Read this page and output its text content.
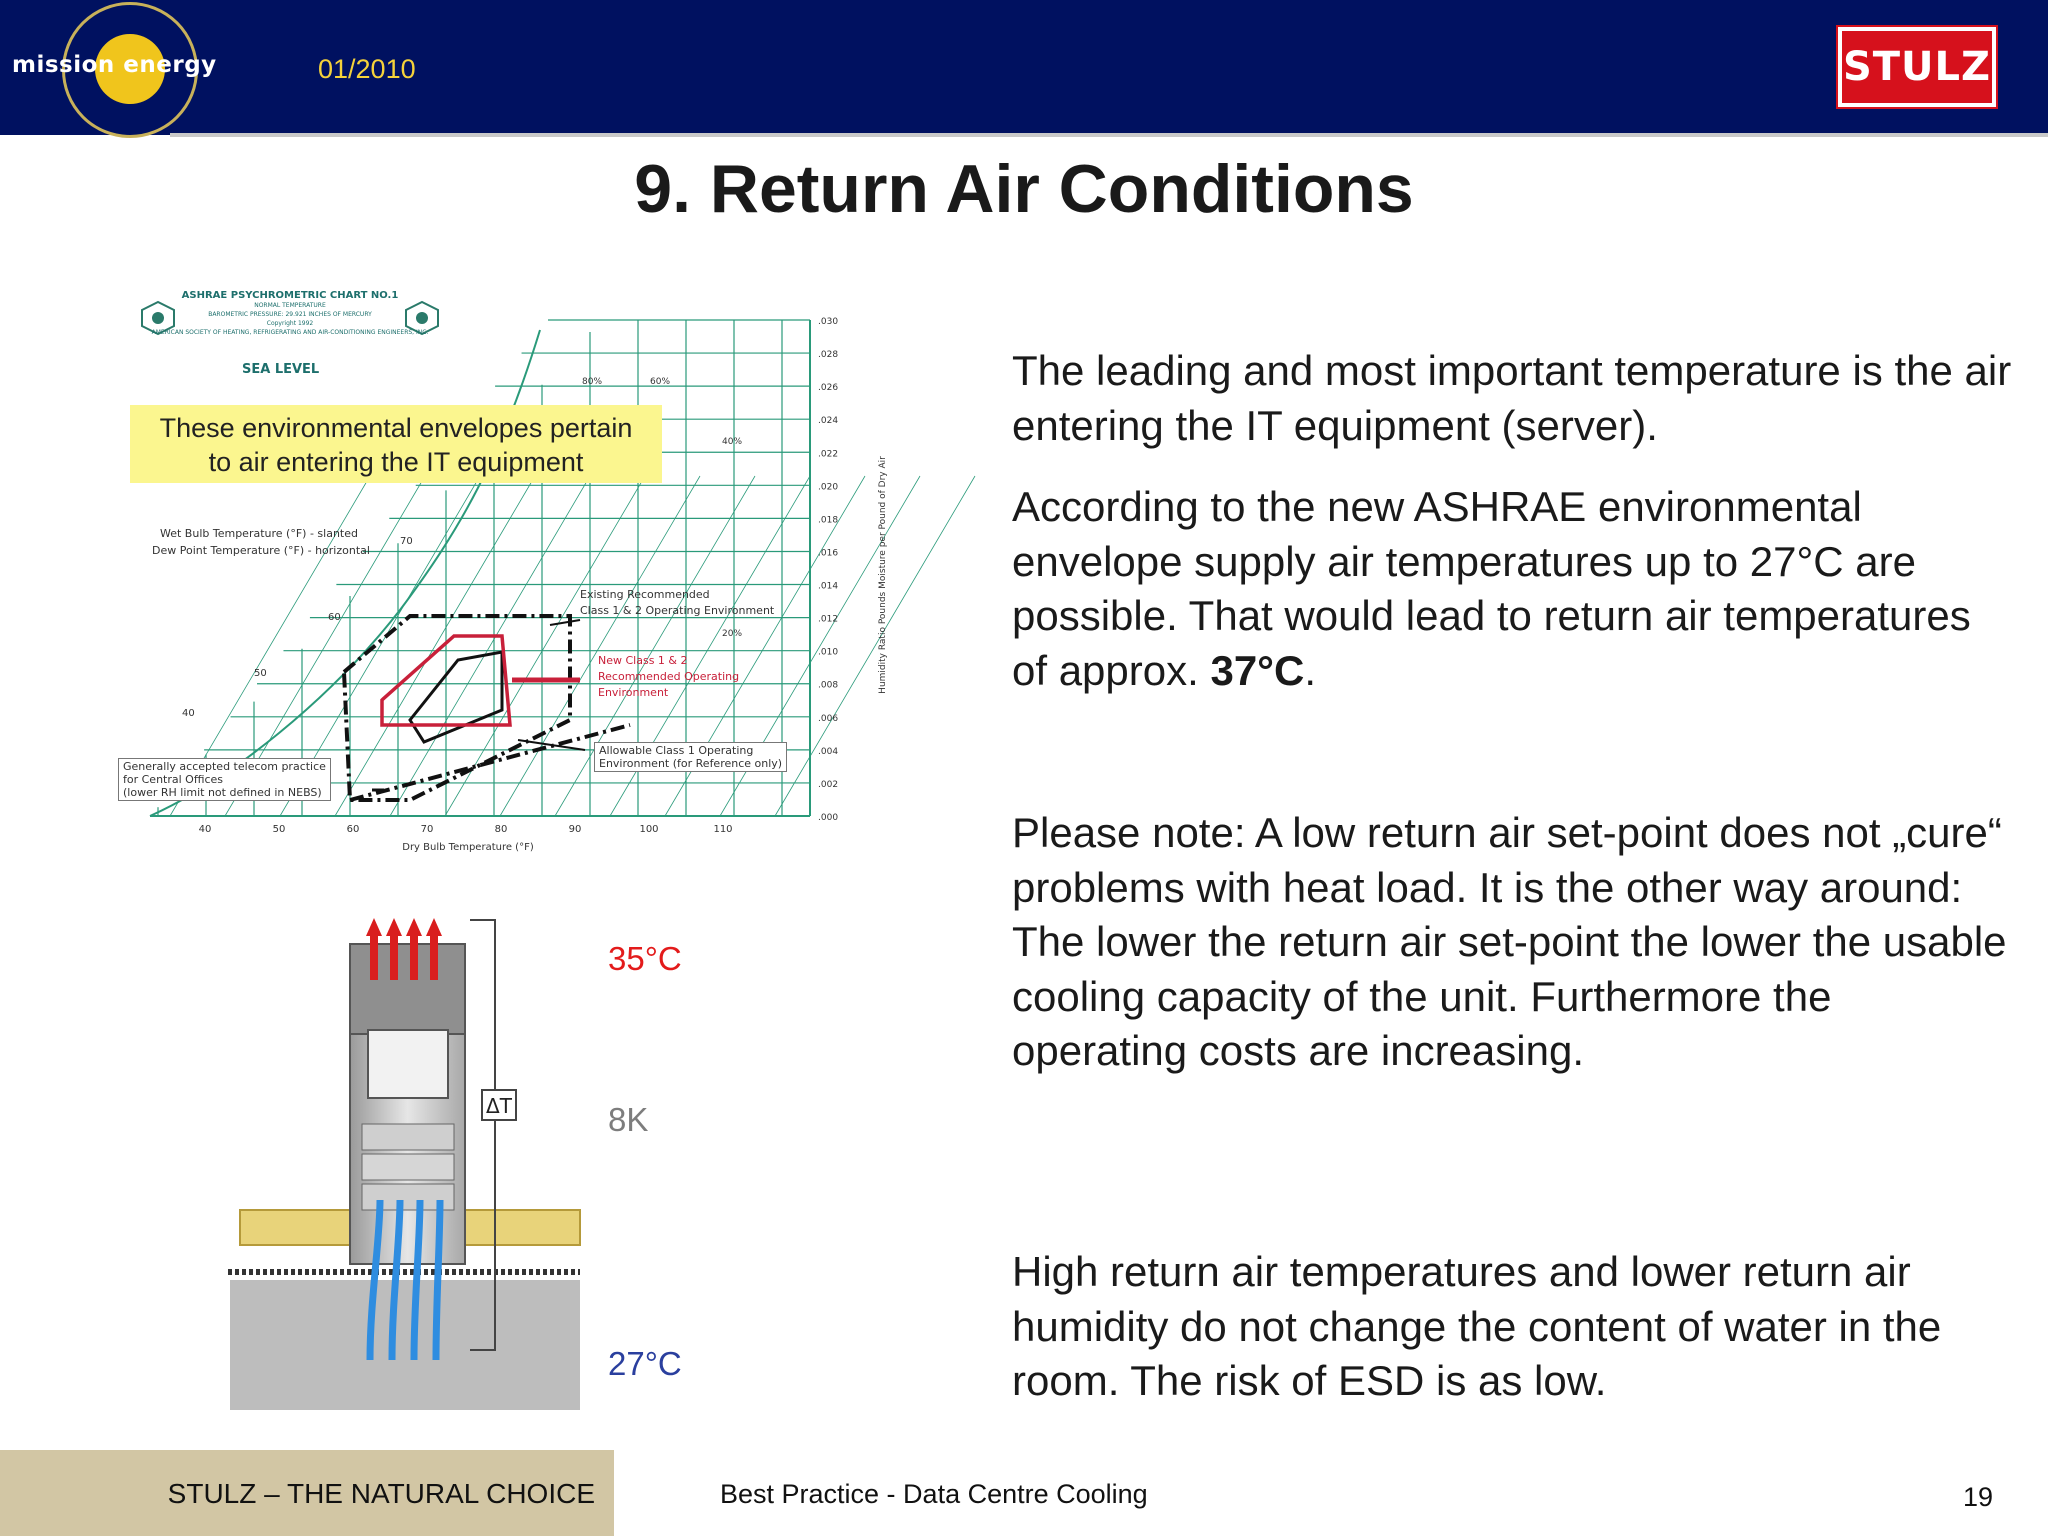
mission energy	01/2010	STULZ
9. Return Air Conditions
40	50	60	70	80	90	100	110
.030
.028
.026
.024
.022
.020
.018
.016
.014
.012
.010
.008
.006
.004
.002
.000
Dry Bulb Temperature (°F)
Humidity Ratio Pounds Moisture per Pound of Dry Air
80%	60%
40%
20%
70
60
50
40
ASHRAE PSYCHROMETRIC CHART NO.1
NORMAL TEMPERATURE
BAROMETRIC PRESSURE: 29.921 INCHES OF MERCURY
Copyright 1992
AMERICAN SOCIETY OF HEATING, REFRIGERATING AND AIR-CONDITIONING ENGINEERS, INC.
SEA LEVEL
These environmental envelopes pertain
to air entering the IT equipment
Wet Bulb Temperature (°F) - slanted
Dew Point Temperature (°F) - horizontal
Existing Recommended
Class 1 & 2 Operating Environment
New Class 1 & 2
Recommended Operating
Environment
Allowable Class 1 Operating
Environment (for Reference only)
Generally accepted telecom practice
for Central Offices
(lower RH limit not defined in NEBS)
ΔT
35°C
8K
27°C
The leading and most important temperature is the air entering the IT equipment (server).
According to the new ASHRAE environmental envelope supply air temperatures up to 27°C are possible. That would lead to return air temperatures of approx. 37°C.
Please note: A low return air set-point does not „cure“ problems with heat load. It is the other way around: The lower the return air set-point the lower the usable cooling capacity of the unit. Furthermore the operating costs are increasing.
High return air temperatures and lower return air humidity do not change the content of water in the room. The risk of ESD is as low.
STULZ – THE NATURAL CHOICE	Best Practice - Data Centre Cooling	19
